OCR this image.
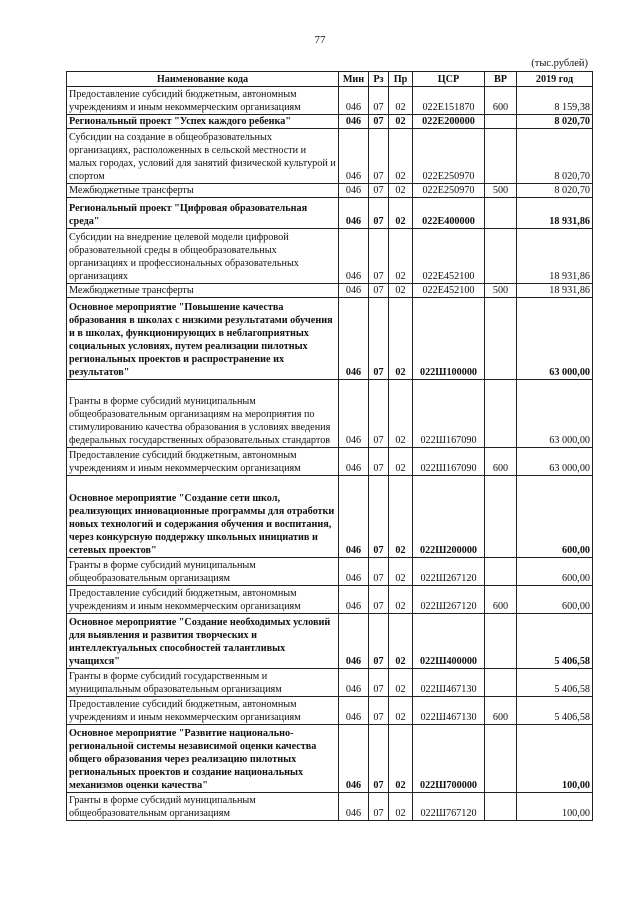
77
(тыс.рублей)
Наименование кода	Мин	Рз	Пр	ЦСР	ВР	2019 год
Предоставление субсидий бюджетным, автономным учреждениям и иным некоммерческим организациям	046	07	02	022Е151870	600	8 159,38
Региональный проект "Успех каждого ребенка"	046	07	02	022Е200000		8 020,70
Субсидии на создание в общеобразовательных организациях, расположенных в сельской местности и малых городах, условий для занятий физической культурой и спортом	046	07	02	022Е250970		8 020,70
Межбюджетные трансферты	046	07	02	022Е250970	500	8 020,70
Региональный проект "Цифровая образовательная среда"	046	07	02	022Е400000		18 931,86
Субсидии на внедрение целевой модели цифровой образовательной среды в общеобразовательных организациях и профессиональных образовательных организациях	046	07	02	022Е452100		18 931,86
Межбюджетные трансферты	046	07	02	022Е452100	500	18 931,86
Основное мероприятие "Повышение качества образования в школах с низкими результатами обучения и в школах, функционирующих в неблагоприятных социальных условиях, путем реализации пилотных региональных проектов и распространение их результатов"	046	07	02	022Ш100000		63 000,00
Гранты в форме субсидий муниципальным общеобразовательным организациям на мероприятия по стимулированию качества образования в условиях введения федеральных государственных образовательных стандартов	046	07	02	022Ш167090		63 000,00
Предоставление субсидий бюджетным, автономным учреждениям и иным некоммерческим организациям	046	07	02	022Ш167090	600	63 000,00
Основное мероприятие "Создание сети школ, реализующих инновационные программы для отработки новых технологий и содержания обучения и воспитания, через конкурсную поддержку школьных инициатив и сетевых проектов"	046	07	02	022Ш200000		600,00
Гранты в форме субсидий муниципальным общеобразовательным организациям	046	07	02	022Ш267120		600,00
Предоставление субсидий бюджетным, автономным учреждениям и иным некоммерческим организациям	046	07	02	022Ш267120	600	600,00
Основное мероприятие "Создание необходимых условий для выявления и развития творческих и интеллектуальных способностей талантливых учащихся"	046	07	02	022Ш400000		5 406,58
Гранты в форме субсидий государственным и муниципальным образовательным организациям	046	07	02	022Ш467130		5 406,58
Предоставление субсидий бюджетным, автономным учреждениям и иным некоммерческим организациям	046	07	02	022Ш467130	600	5 406,58
Основное мероприятие "Развитие национально-региональной системы независимой оценки качества общего образования через реализацию пилотных региональных проектов и создание национальных механизмов оценки качества"	046	07	02	022Ш700000		100,00
Гранты в форме субсидий муниципальным общеобразовательным организациям	046	07	02	022Ш767120		100,00
